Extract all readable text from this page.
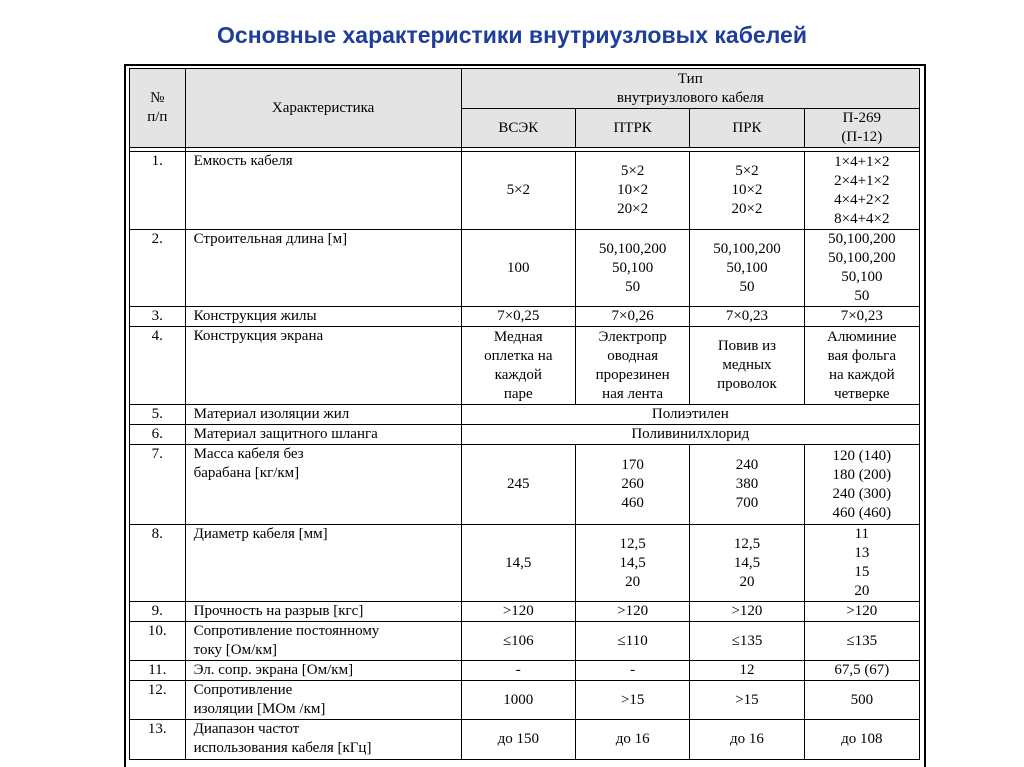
Основные характеристики внутриузловых кабелей
№
п/п	Характеристика	Тип
внутриузлового кабеля			
		ВСЭК	ПТРК	ПРК	П-269
(П-12)

1.	Емкость кабеля	5×2	5×2
10×2
20×2	5×2
10×2
20×2	1×4+1×2
2×4+1×2
4×4+2×2
8×4+4×2
2.	Строительная длина [м]	100	50,100,200
50,100
50	50,100,200
50,100
50	50,100,200
50,100,200
50,100
50
3.	Конструкция жилы	7×0,25	7×0,26	7×0,23	7×0,23
4.	Конструкция экрана	Медная
оплетка на
каждой
паре	Электропр
оводная
прорезинен
ная лента	Повив из
медных
проволок	Алюминие
вая фольга
на каждой
четверке
5.	Материал изоляции жил	Полиэтилен			
6.	Материал защитного шланга	Поливинилхлорид			
7.	Масса кабеля без
барабана [кг/км]	245	170
260
460	240
380
700	120 (140)
180 (200)
240 (300)
460 (460)
8.	Диаметр кабеля [мм]	14,5	12,5
14,5
20	12,5
14,5
20	11
13
15
20
9.	Прочность на разрыв [кгс]	>120	>120	>120	>120
10.	Сопротивление постоянному
току [Ом/км]	≤106	≤110	≤135	≤135
11.	Эл. сопр. экрана [Ом/км]	-	-	12	67,5 (67)
12.	Сопротивление
изоляции [МОм /км]	1000	>15	>15	500
13.	Диапазон частот
использования кабеля [кГц]	до 150	до 16	до 16	до 108
